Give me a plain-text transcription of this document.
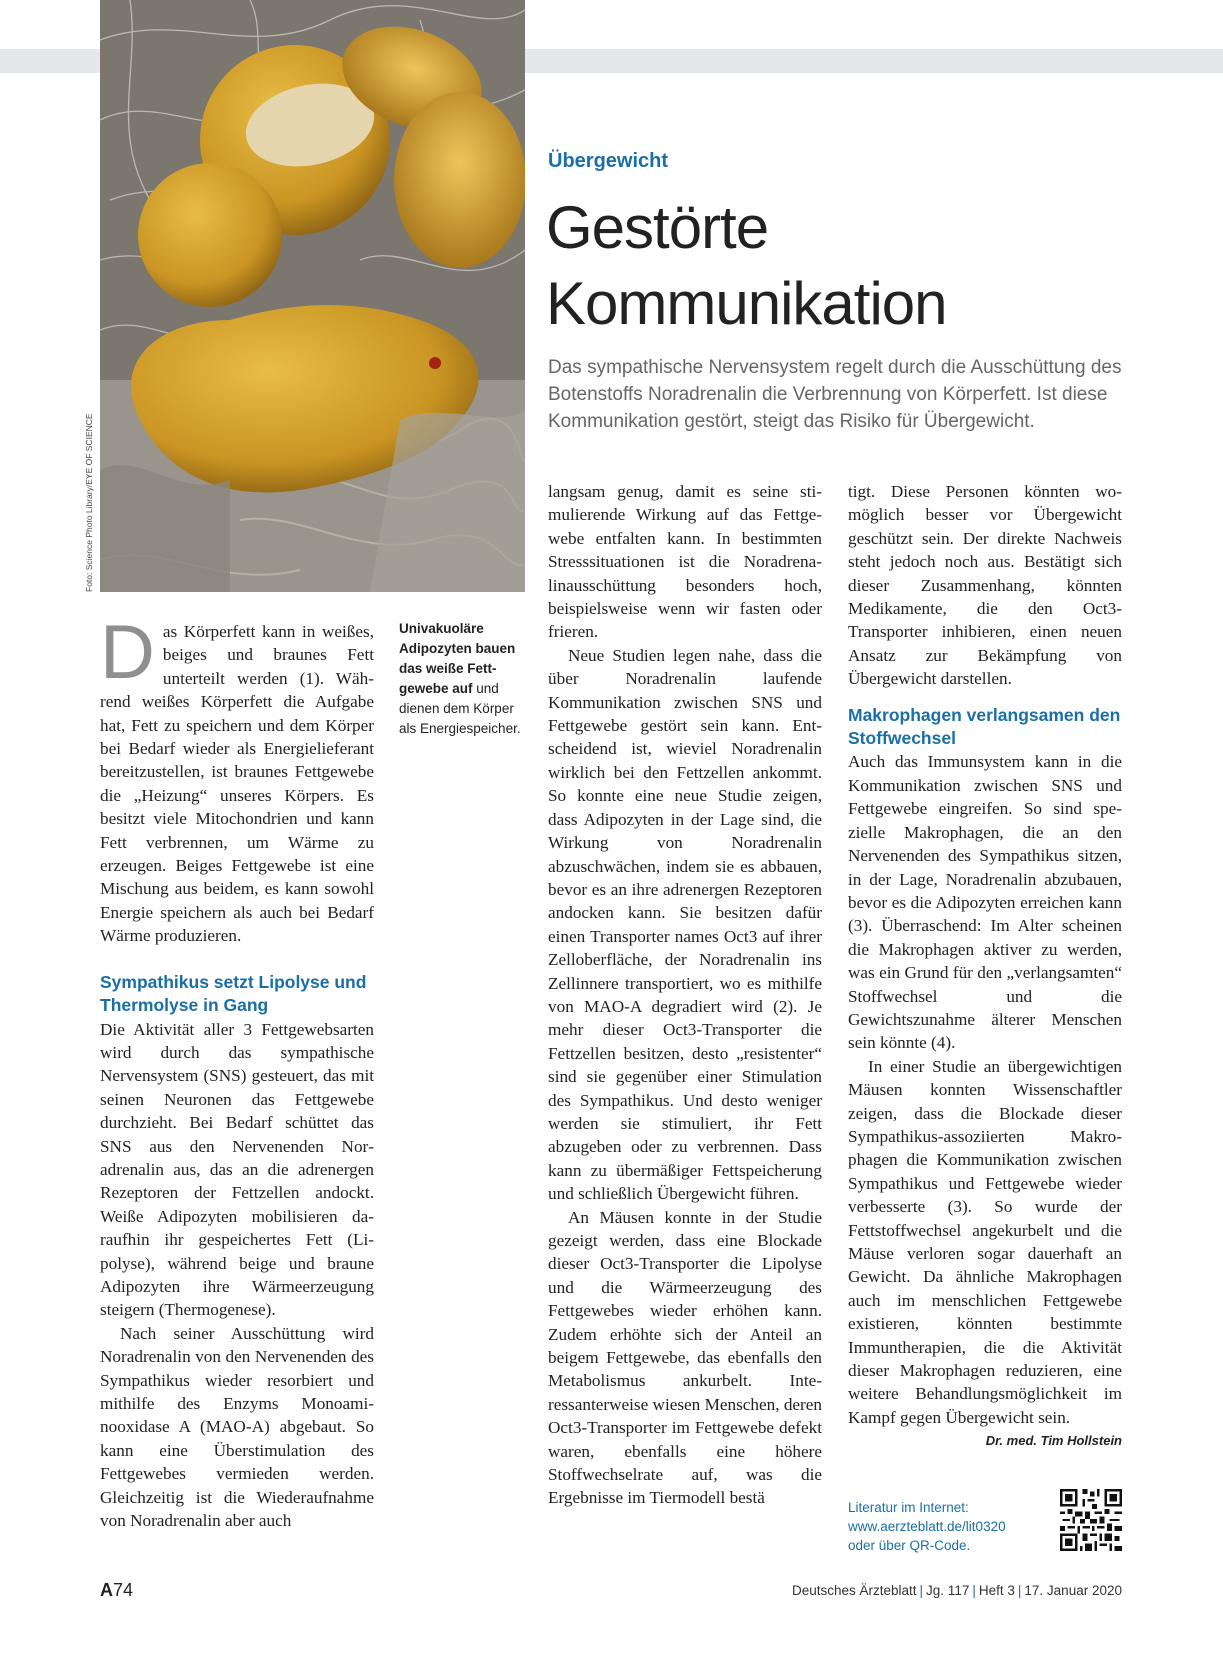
Foto: Science Photo Library/EYE OF SCIENCE
Übergewicht
Gestörte
Kommunikation
Das sympathische Nervensystem regelt durch die Ausschüttung des Botenstoffs Noradrenalin die Verbrennung von Körperfett. Ist diese Kommunikation gestört, steigt das Risiko für Übergewicht.
Univakuoläre Adipozyten bauen das weiße Fettgewebe auf und dienen dem Körper als Energiespeicher.
D as Körperfett kann in weißes, beiges und braunes Fett unterteilt werden (1). Während weißes Körperfett die Aufgabe hat, Fett zu speichern und dem Körper bei Bedarf wieder als Energielieferant bereitzustellen, ist braunes Fettgewebe die „Heizung“ unseres Körpers. Es besitzt viele Mitochondrien und kann Fett verbrennen, um Wärme zu erzeugen. Beiges Fettgewebe ist eine Mischung aus beidem, es kann sowohl Energie speichern als auch bei Bedarf Wärme produzieren.

Sympathikus setzt Lipolyse und Thermolyse in Gang

Die Aktivität aller 3 Fettgewebsarten wird durch das sympathische Nervensystem (SNS) gesteuert, das mit seinen Neuronen das Fettgewebe durchzieht. Bei Bedarf schüttet das SNS aus den Nervenenden Noradrenalin aus, das an die adrenergen Rezeptoren der Fettzellen andockt. Weiße Adipozyten mobilisieren daraufhin ihr gespeichertes Fett (Lipolyse), während beige und braune Adipozyten ihre Wärmeerzeugung steigern (Thermogenese).

Nach seiner Ausschüttung wird Noradrenalin von den Nervenenden des Sympathikus wieder resorbiert und mithilfe des Enzyms Monoaminooxidase A (MAO-A) abgebaut. So kann eine Überstimulation des Fettgewebes vermieden werden. Gleichzeitig ist die Wiederaufnahme von Noradrenalin aber auch

langsam genug, damit es seine stimulierende Wirkung auf das Fettgewebe entfalten kann. In bestimmten Stresssituationen ist die Noradrenalinausschüttung besonders hoch, beispielsweise wenn wir fasten oder frieren.

Neue Studien legen nahe, dass die über Noradrenalin laufende Kommunikation zwischen SNS und Fettgewebe gestört sein kann. Entscheidend ist, wieviel Noradrenalin wirklich bei den Fettzellen ankommt. So konnte eine neue Studie zeigen, dass Adipozyten in der Lage sind, die Wirkung von Noradrenalin abzuschwächen, indem sie es abbauen, bevor es an ihre adrenergen Rezeptoren andocken kann. Sie besitzen dafür einen Transporter names Oct3 auf ihrer Zelloberfläche, der Noradrenalin ins Zellinnere transportiert, wo es mithilfe von MAO-A degradiert wird (2). Je mehr dieser Oct3-Transporter die Fettzellen besitzen, desto „resistenter“ sind sie gegenüber einer Stimulation des Sympathikus. Und desto weniger werden sie stimuliert, ihr Fett abzugeben oder zu verbrennen. Dass kann zu übermäßiger Fettspeicherung und schließlich Übergewicht führen.

An Mäusen konnte in der Studie gezeigt werden, dass eine Blockade dieser Oct3-Transporter die Lipolyse und die Wärmeerzeugung des Fettgewebes wieder erhöhen kann. Zudem erhöhte sich der Anteil an beigem Fettgewebe, das ebenfalls den Metabolismus ankurbelt. Interessanterweise wiesen Menschen, deren Oct3-Transporter im Fettgewebe defekt waren, ebenfalls eine höhere Stoffwechselrate auf, was die Ergebnisse im Tiermodell bestä

tigt. Diese Personen könnten womöglich besser vor Übergewicht geschützt sein. Der direkte Nachweis steht jedoch noch aus. Bestätigt sich dieser Zusammenhang, könnten Medikamente, die den Oct3-Transporter inhibieren, einen neuen Ansatz zur Bekämpfung von Übergewicht darstellen.

Makrophagen verlangsamen den Stoffwechsel

Auch das Immunsystem kann in die Kommunikation zwischen SNS und Fettgewebe eingreifen. So sind spezielle Makrophagen, die an den Nervenenden des Sympathikus sitzen, in der Lage, Noradrenalin abzubauen, bevor es die Adipozyten erreichen kann (3). Überraschend: Im Alter scheinen die Makrophagen aktiver zu werden, was ein Grund für den „verlangsamten“ Stoffwechsel und die Gewichtszunahme älterer Menschen sein könnte (4).

In einer Studie an übergewichtigen Mäusen konnten Wissenschaftler zeigen, dass die Blockade dieser Sympathikus-assoziierten Makrophagen die Kommunikation zwischen Sympathikus und Fettgewebe wieder verbesserte (3). So wurde der Fettstoffwechsel angekurbelt und die Mäuse verloren sogar dauerhaft an Gewicht. Da ähnliche Makrophagen auch im menschlichen Fettgewebe existieren, könnten bestimmte Immuntherapien, die die Aktivität dieser Makrophagen reduzieren, eine weitere Behandlungsmöglichkeit im Kampf gegen Übergewicht sein.
Dr. med. Tim Hollstein

Literatur im Internet:
www.aerzteblatt.de/lit0320
oder über QR-Code.
A74	Deutsches Ärzteblatt | Jg. 117 | Heft 3 | 17. Januar 2020
